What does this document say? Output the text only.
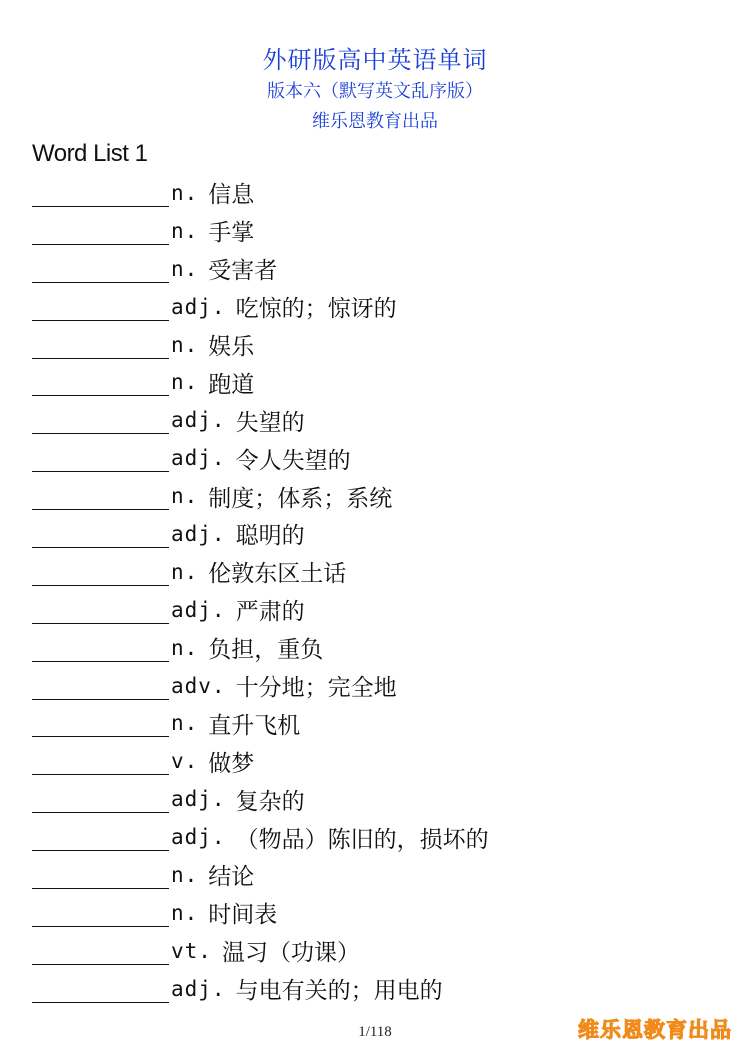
外研版高中英语单词
版本六（默写英文乱序版）
维乐恩教育出品
Word List 1
n. 信息
n. 手掌
n. 受害者
adj. 吃惊的；惊讶的
n. 娱乐
n. 跑道
adj. 失望的
adj. 令人失望的
n. 制度；体系；系统
adj. 聪明的
n. 伦敦东区土话
adj. 严肃的
n. 负担，重负
adv. 十分地；完全地
n. 直升飞机
v. 做梦
adj. 复杂的
adj. （物品）陈旧的，损坏的
n. 结论
n. 时间表
vt. 温习（功课）
adj. 与电有关的；用电的
1/118	维乐恩教育出品
